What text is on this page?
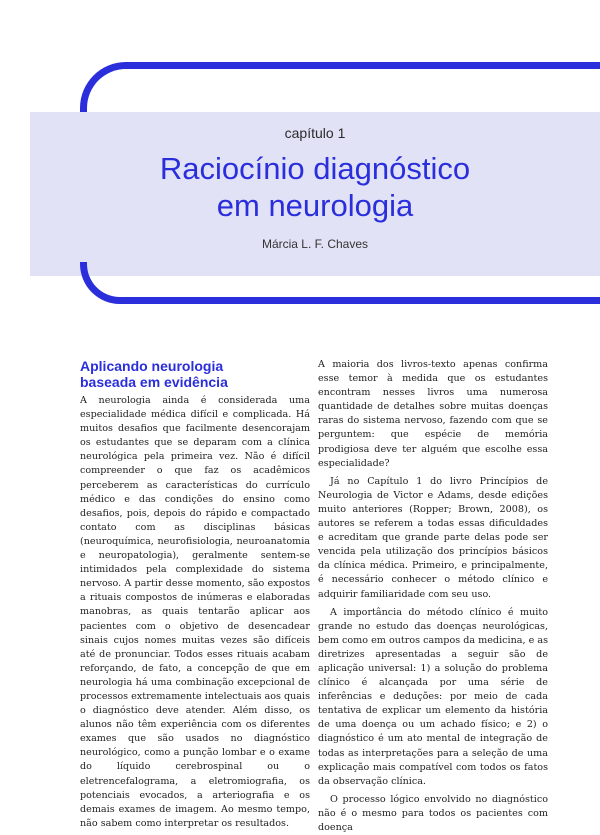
capítulo 1
Raciocínio diagnóstico
em neurologia
Márcia L. F. Chaves
Aplicando neurologia
baseada em evidência

A neurologia ainda é considerada uma especialidade médica difícil e complicada. Há muitos desafios que facilmente desencorajam os estudantes que se deparam com a clínica neurológica pela primeira vez. Não é difícil compreender o que faz os acadêmicos perceberem as características do currículo médico e das condições do ensino como desafios, pois, depois do rápido e compactado contato com as disciplinas básicas (neuroquímica, neurofisiologia, neuroanatomia e neuropatologia), geralmente sentem-se intimidados pela complexidade do sistema nervoso. A partir desse momento, são expostos a rituais compostos de inúmeras e elaboradas manobras, as quais tentarão aplicar aos pacientes com o objetivo de desencadear sinais cujos nomes muitas vezes são difíceis até de pronunciar. Todos esses rituais acabam reforçando, de fato, a concepção de que em neurologia há uma combinação excepcional de processos extremamente intelectuais aos quais o diagnóstico deve atender. Além disso, os alunos não têm experiência com os diferentes exames que são usados no diagnóstico neurológico, como a punção lombar e o exame do líquido cerebrospinal ou o eletrencefalograma, a eletromiografia, os potenciais evocados, a arteriografia e os demais exames de imagem. Ao mesmo tempo, não sabem como interpretar os resultados.

A maioria dos livros-texto apenas confirma esse temor à medida que os estudantes encontram nesses livros uma numerosa quantidade de detalhes sobre muitas doenças raras do sistema nervoso, fazendo com que se perguntem: que espécie de memória prodigiosa deve ter alguém que escolhe essa especialidade?

Já no Capítulo 1 do livro Princípios de Neurologia de Victor e Adams, desde edições muito anteriores (Ropper; Brown, 2008), os autores se referem a todas essas dificuldades e acreditam que grande parte delas pode ser vencida pela utilização dos princípios básicos da clínica médica. Primeiro, e principalmente, é necessário conhecer o método clínico e adquirir familiaridade com seu uso.

A importância do método clínico é muito grande no estudo das doenças neurológicas, bem como em outros campos da medicina, e as diretrizes apresentadas a seguir são de aplicação universal: 1) a solução do problema clínico é alcançada por uma série de inferências e deduções: por meio de cada tentativa de explicar um elemento da história de uma doença ou um achado físico; e 2) o diagnóstico é um ato mental de integração de todas as interpretações para a seleção de uma explicação mais compatível com todos os fatos da observação clínica.

O processo lógico envolvido no diagnóstico não é o mesmo para todos os pacientes com doença
